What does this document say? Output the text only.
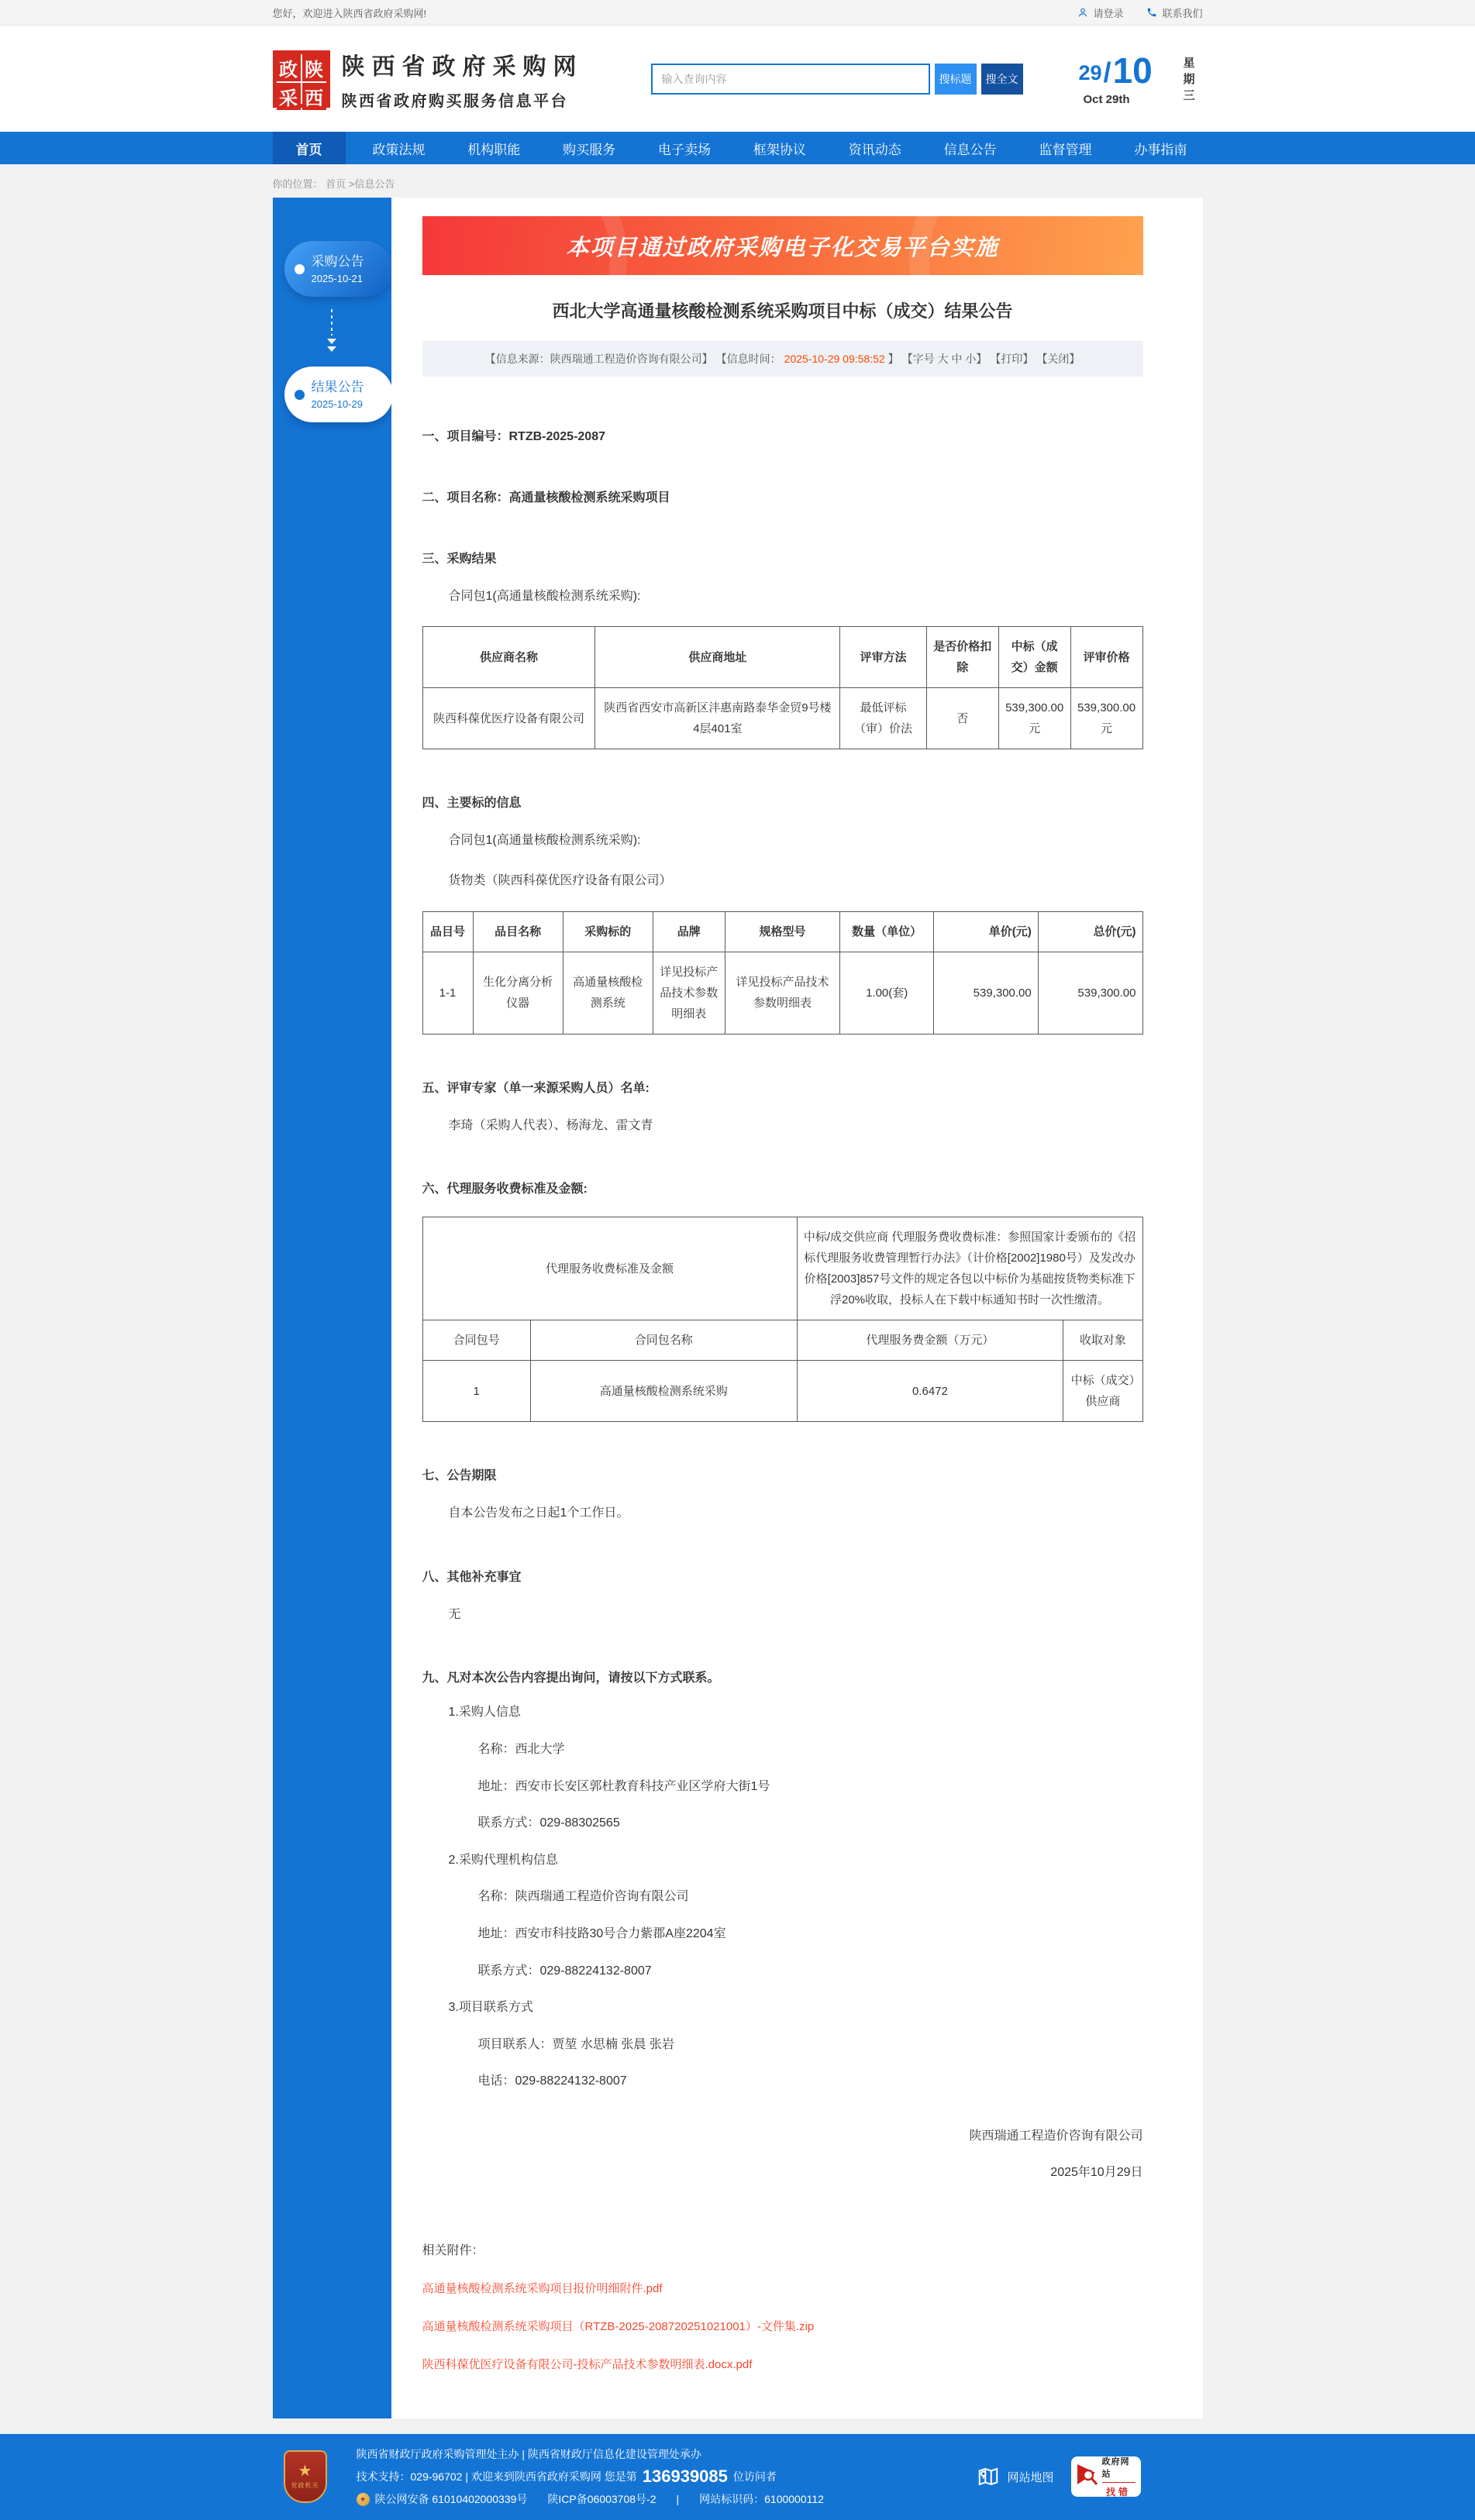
您好，欢迎进入陕西省政府采购网!	请登录	联系我们
政 陕
采 西
陕西省政府采购网
陕西省政府购买服务信息平台
输入查询内容
搜标题	搜全文	29 / 10
Oct 29th	星期三
首页	政策法规	机构职能	购买服务	电子卖场	框架协议	资讯动态	信息公告	监督管理	办事指南
你的位置： 首页 >信息公告
采购公告
2025-10-21
结果公告
2025-10-29
本项目通过政府采购电子化交易平台实施
西北大学高通量核酸检测系统采购项目中标（成交）结果公告
【信息来源：陕西瑞通工程造价咨询有限公司】 【信息时间： 2025-10-29 09:58:52 】 【字号 大 中 小】 【打印】 【关闭】
一、项目编号：RTZB-2025-2087
二、项目名称：高通量核酸检测系统采购项目
三、采购结果

合同包1(高通量核酸检测系统采购):

供应商名称	供应商地址	评审方法	是否价格扣除	中标（成交）金额	评审价格
陕西科葆优医疗设备有限公司	陕西省西安市高新区沣惠南路泰华金贸9号楼4层401室	最低评标（审）价法	否	539,300.00元	539,300.00元
四、主要标的信息

合同包1(高通量核酸检测系统采购):

货物类（陕西科葆优医疗设备有限公司）

品目号	品目名称	采购标的	品牌	规格型号	数量（单位）	单价(元)	总价(元)
1-1	生化分离分析仪器	高通量核酸检测系统	详见投标产品技术参数明细表	详见投标产品技术参数明细表	1.00(套)	539,300.00	539,300.00
五、评审专家（单一来源采购人员）名单:

李琦（采购人代表）、杨海龙、雷文青

六、代理服务收费标准及金额:
代理服务收费标准及金额		中标/成交供应商 代理服务费收费标准：参照国家计委颁布的《招标代理服务收费管理暂行办法》（计价格[2002]1980号）及发改办价格[2003]857号文件的规定各包以中标价为基础按货物类标准下浮20%收取，投标人在下载中标通知书时一次性缴清。	
合同包号	合同包名称	代理服务费金额（万元）	收取对象
1	高通量核酸检测系统采购	0.6472	中标（成交）供应商
七、公告期限

自本公告发布之日起1个工作日。

八、其他补充事宜

无

九、凡对本次公告内容提出询问，请按以下方式联系。

1.采购人信息

名称：西北大学

地址：西安市长安区郭杜教育科技产业区学府大街1号

联系方式：029-88302565

2.采购代理机构信息

名称：陕西瑞通工程造价咨询有限公司

地址：西安市科技路30号合力紫郡A座2204室

联系方式：029-88224132-8007

3.项目联系方式

项目联系人：贾堃 水思楠 张晨 张岩

电话：029-88224132-8007

陕西瑞通工程造价咨询有限公司
2025年10月29日
相关附件：
高通量核酸检测系统采购项目报价明细附件.pdf
高通量核酸检测系统采购项目（RTZB-2025-208720251021001）-文件集.zip
陕西科葆优医疗设备有限公司-投标产品技术参数明细表.docx.pdf
★
党政机关
陕西省财政厅政府采购管理处主办 | 陕西省财政厅信息化建设管理处承办
技术支持：029-96702 | 欢迎来到陕西省政府采购网 您是第 136939085 位访问者
★ 陕公网安备 61010402000339号 陕ICP备06003708号-2 | 网站标识码：6100000112
网站地图
政府网站
找错
